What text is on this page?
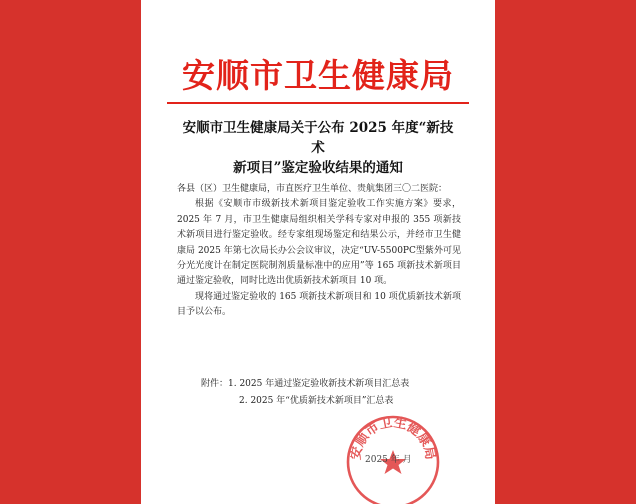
安顺市卫生健康局
安顺市卫生健康局关于公布 2025 年度“新技术
新项目”鉴定验收结果的通知

各县（区）卫生健康局，市直医疗卫生单位、贵航集团三〇二医院：

根据《安顺市市级新技术新项目鉴定验收工作实施方案》要求，2025 年 7 月，市卫生健康局组织相关学科专家对申报的 355 项新技术新项目进行鉴定验收。经专家组现场鉴定和结果公示，并经市卫生健康局 2025 年第七次局长办公会议审议，决定“UV-5500PC型紫外可见分光光度计在制定医院制剂质量标准中的应用”等 165 项新技术新项目通过鉴定验收，同时比选出优质新技术新项目 10 项。

现将通过鉴定验收的 165 项新技术新项目和 10 项优质新技术新项目予以公布。

附件：1. 2025 年通过鉴定验收新技术新项目汇总表

2. 2025 年“优质新技术新项目”汇总表

安顺市卫生健康局
2025 年 月
